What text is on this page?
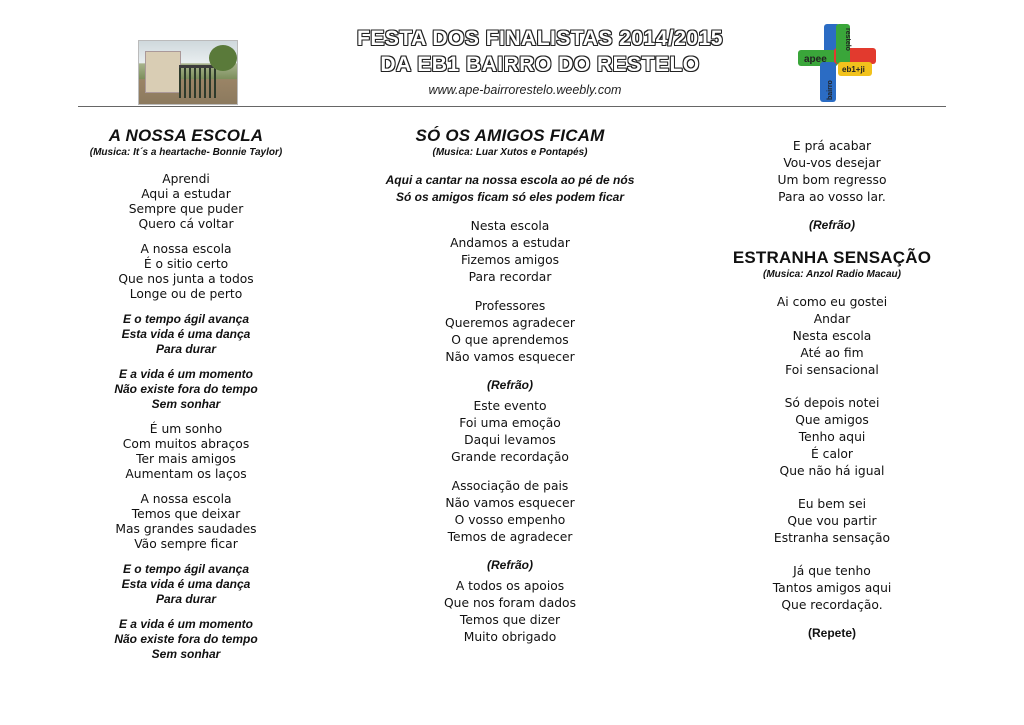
FESTA DOS FINALISTAS 2014/2015
DA EB1 BAIRRO DO RESTELO
www.ape-bairrorestelo.weebly.com
apee
restelo
bairro
eb1+ji
A NOSSA ESCOLA
(Musica: It´s a heartache- Bonnie Taylor)
Aprendi
Aqui a estudar
Sempre que puder
Quero cá voltar
A nossa escola
É o sitio certo
Que nos junta a todos
Longe ou de perto
E o tempo ágil avança
Esta vida é uma dança
Para durar
E a vida é um momento
Não existe fora do tempo
Sem sonhar
É um sonho
Com muitos abraços
Ter mais amigos
Aumentam os laços
A nossa escola
Temos que deixar
Mas grandes saudades
Vão sempre ficar
E o tempo ágil avança
Esta vida é uma dança
Para durar
E a vida é um momento
Não existe fora do tempo
Sem sonhar
SÓ OS AMIGOS FICAM
(Musica: Luar Xutos e Pontapés)
Aqui a cantar na nossa escola ao pé de nós
Só os amigos ficam só eles podem ficar
Nesta escola
Andamos a estudar
Fizemos amigos
Para recordar
Professores
Queremos agradecer
O que aprendemos
Não vamos esquecer
(Refrão)
Este evento
Foi uma emoção
Daqui levamos
Grande recordação
Associação de pais
Não vamos esquecer
O vosso empenho
Temos de agradecer
(Refrão)
A todos os apoios
Que nos foram dados
Temos que dizer
Muito obrigado
E prá acabar
Vou-vos desejar
Um bom regresso
Para ao vosso lar.
(Refrão)
ESTRANHA SENSAÇÃO
(Musica: Anzol Radio Macau)
Ai como eu gostei
Andar
Nesta escola
Até ao fim
Foi sensacional
Só depois notei
Que amigos
Tenho aqui
É calor
Que não há igual
Eu bem sei
Que vou partir
Estranha sensação
Já que tenho
Tantos amigos aqui
Que recordação.
(Repete)
